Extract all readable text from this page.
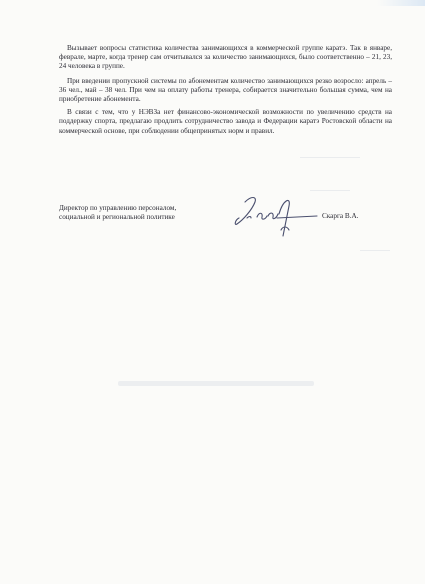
Вызывает вопросы статистика количества занимающихся в коммерческой группе каратэ. Так в январе, феврале, марте, когда тренер сам отчитывался за количество занимающихся, было соответственно – 21, 23, 24 человека в группе.

При введении пропускной системы по абонементам количество занимающихся резко возросло: апрель – 36 чел., май – 38 чел. При чем на оплату работы тренера, собирается значительно большая сумма, чем на приобретение абонемента.

В связи с тем, что у НЭВЗа нет финансово-экономической возможности по увеличению средств на поддержку спорта, предлагаю продлить сотрудничество завода и Федерации каратэ Ростовской области на коммерческой основе, при соблюдении общепринятых норм и правил.

Директор по управлению персоналом,
социальной и региональной политике	Скарга В.А.
